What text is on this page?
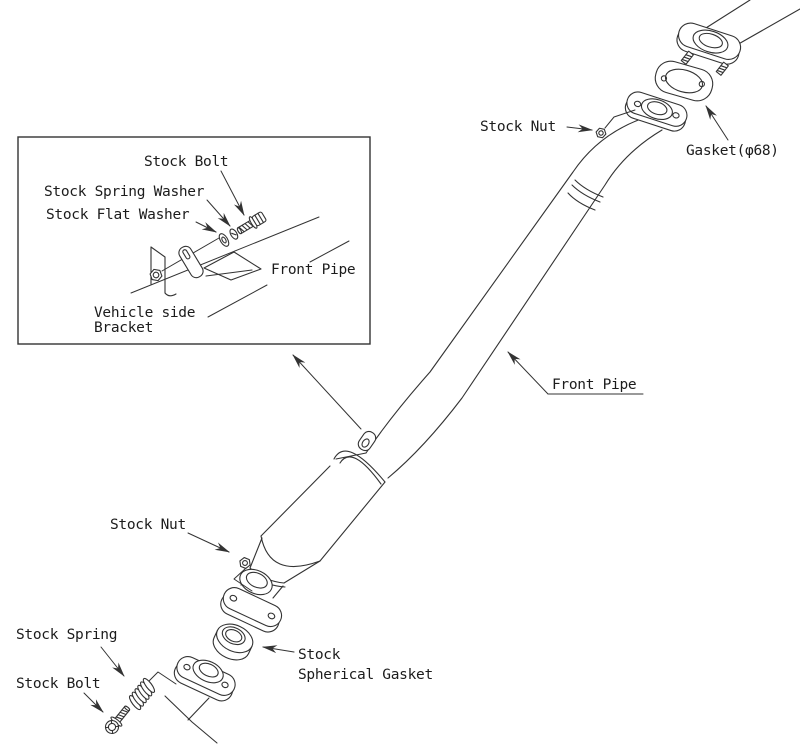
Stock Bolt
Stock Spring Washer
Stock Flat Washer
Front Pipe
Vehicle side
Bracket
Stock Nut
Gasket(φ68)
Front Pipe
Stock Nut
Stock Spring
Stock Bolt
Stock
Spherical Gasket
